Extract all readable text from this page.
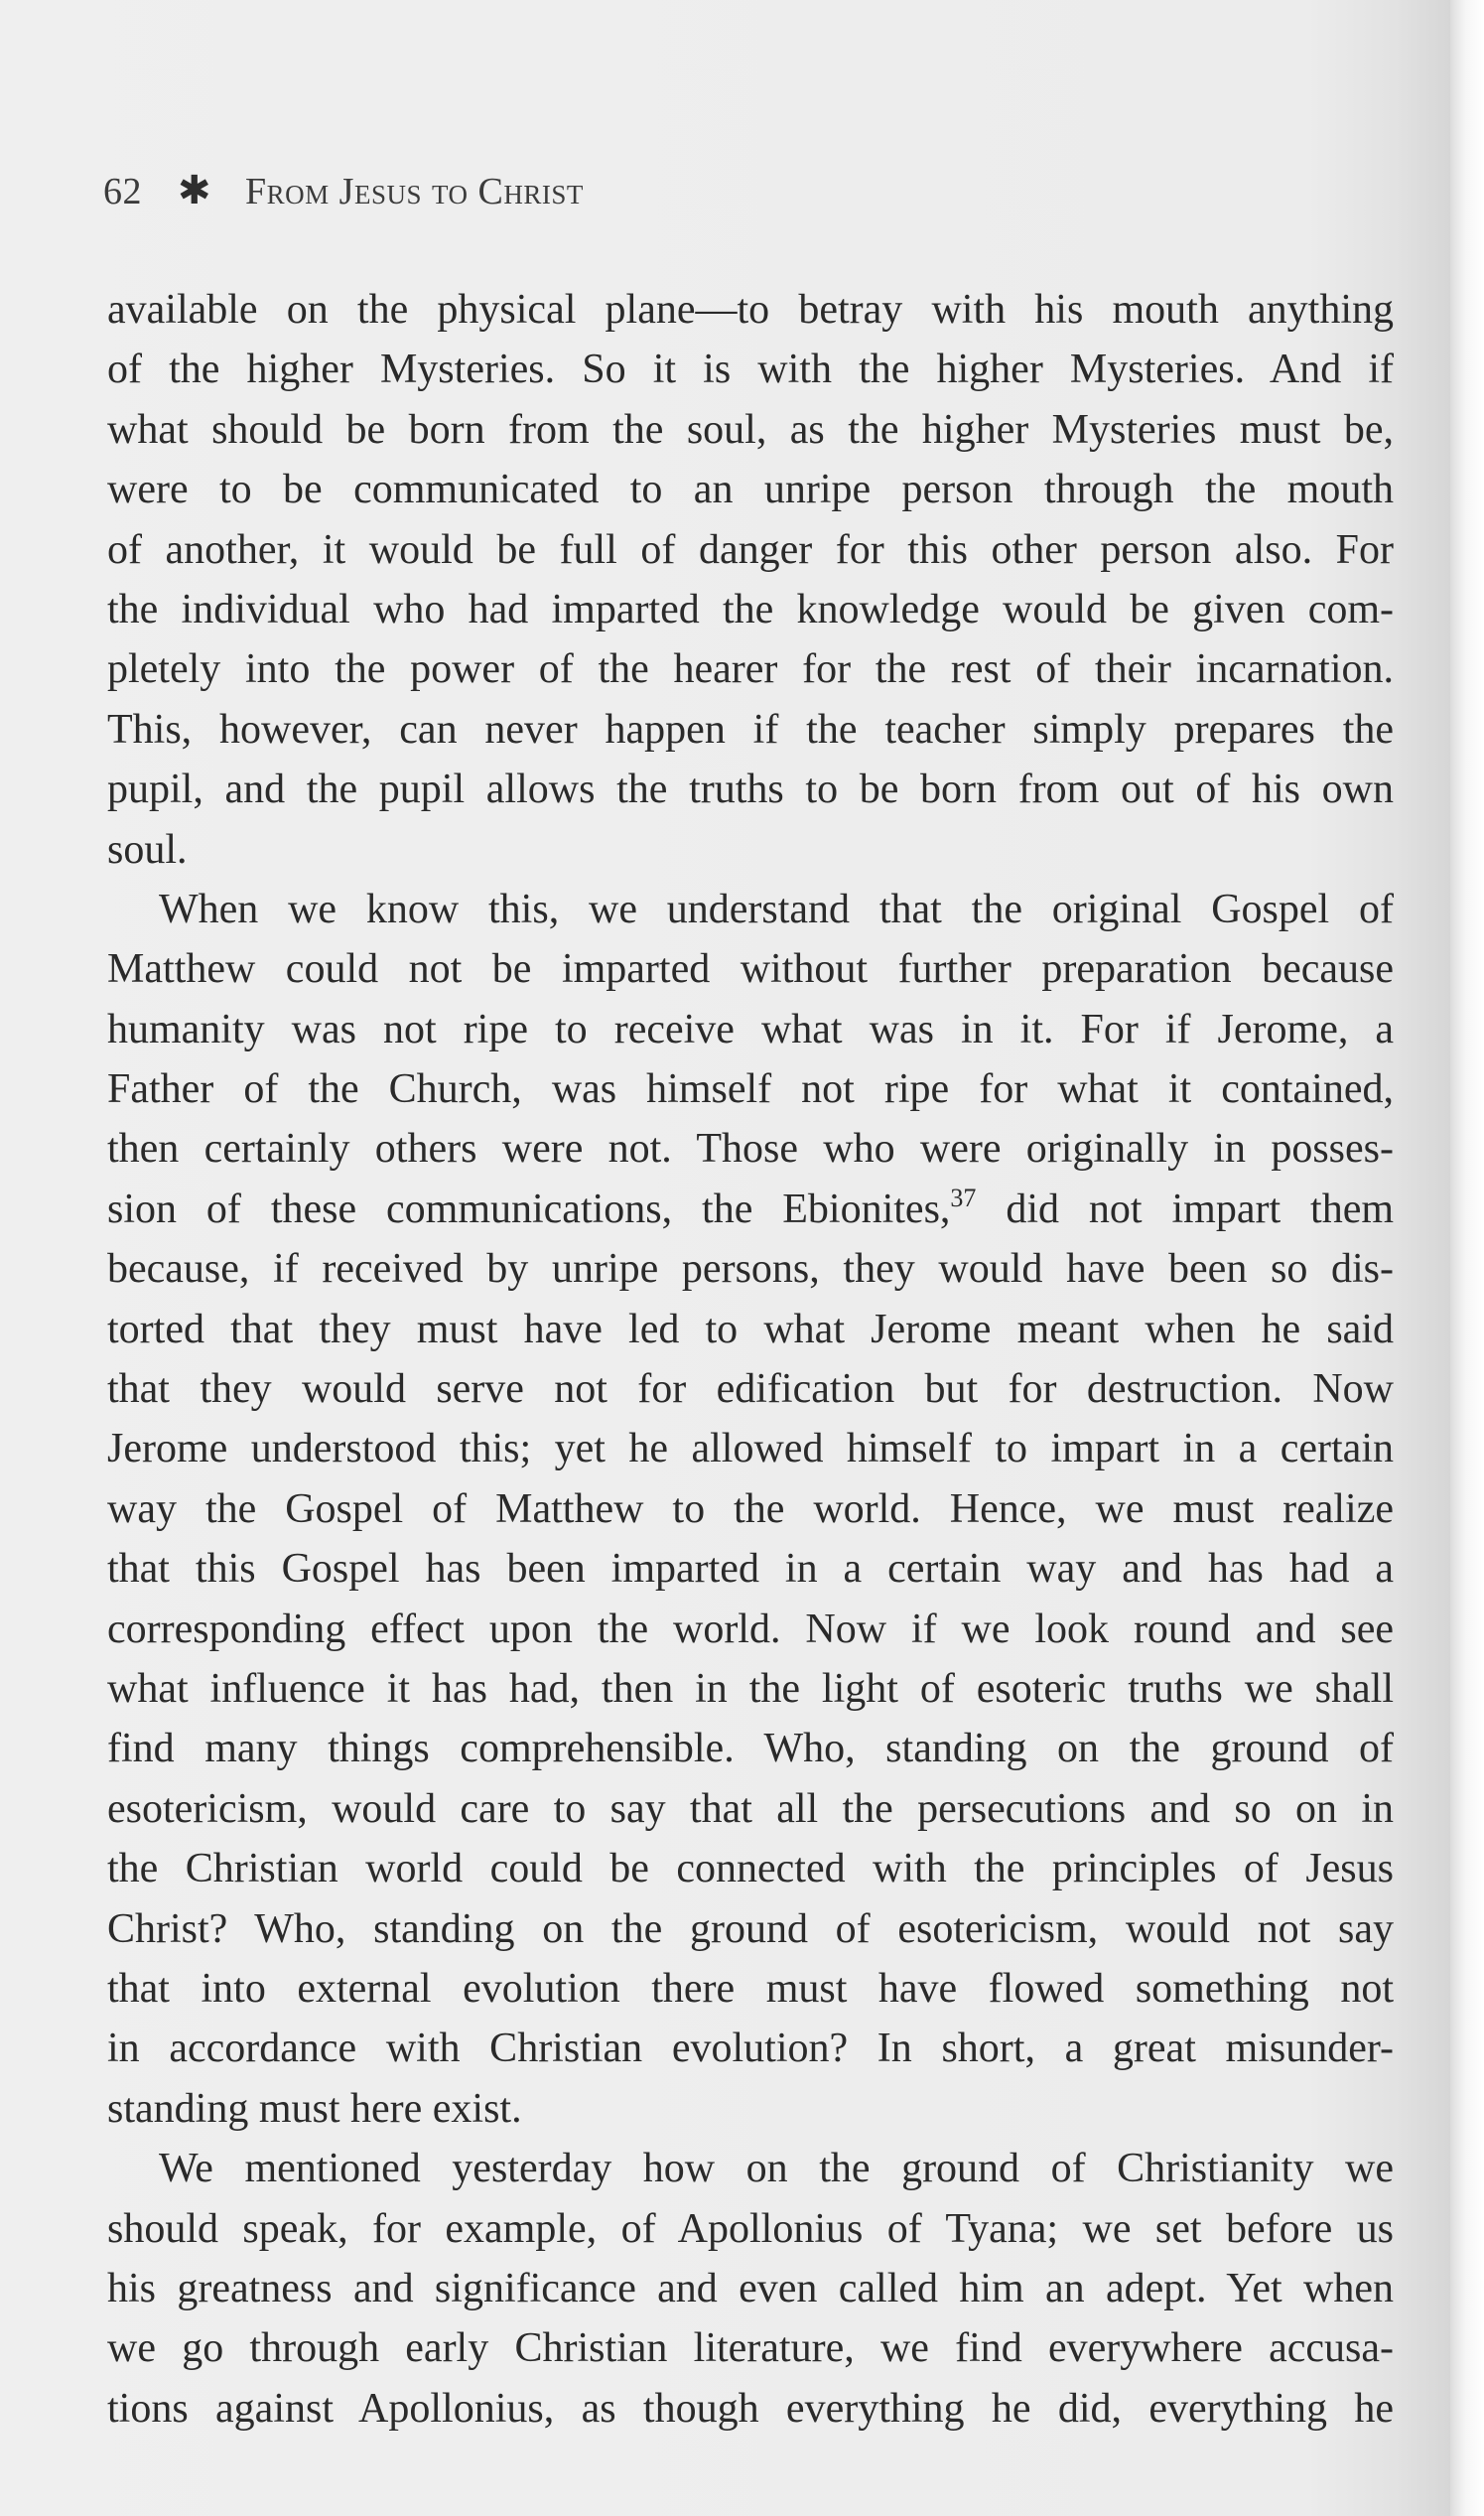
62 ✱ From Jesus to Christ
available on the physical plane—to betray with his mouth anything
of the higher Mysteries. So it is with the higher Mysteries. And if
what should be born from the soul, as the higher Mysteries must be,
were to be communicated to an unripe person through the mouth
of another, it would be full of danger for this other person also. For
the individual who had imparted the knowledge would be given com-
pletely into the power of the hearer for the rest of their incarnation.
This, however, can never happen if the teacher simply prepares the
pupil, and the pupil allows the truths to be born from out of his own
soul.
When we know this, we understand that the original Gospel of
Matthew could not be imparted without further preparation because
humanity was not ripe to receive what was in it. For if Jerome, a
Father of the Church, was himself not ripe for what it contained,
then certainly others were not. Those who were originally in posses-
sion of these communications, the Ebionites,$^{37}$ did not impart them
because, if received by unripe persons, they would have been so dis-
torted that they must have led to what Jerome meant when he said
that they would serve not for edification but for destruction. Now
Jerome understood this; yet he allowed himself to impart in a certain
way the Gospel of Matthew to the world. Hence, we must realize
that this Gospel has been imparted in a certain way and has had a
corresponding effect upon the world. Now if we look round and see
what influence it has had, then in the light of esoteric truths we shall
find many things comprehensible. Who, standing on the ground of
esotericism, would care to say that all the persecutions and so on in
the Christian world could be connected with the principles of Jesus
Christ? Who, standing on the ground of esotericism, would not say
that into external evolution there must have flowed something not
in accordance with Christian evolution? In short, a great misunder-
standing must here exist.
We mentioned yesterday how on the ground of Christianity we
should speak, for example, of Apollonius of Tyana; we set before us
his greatness and significance and even called him an adept. Yet when
we go through early Christian literature, we find everywhere accusa-
tions against Apollonius, as though everything he did, everything he
